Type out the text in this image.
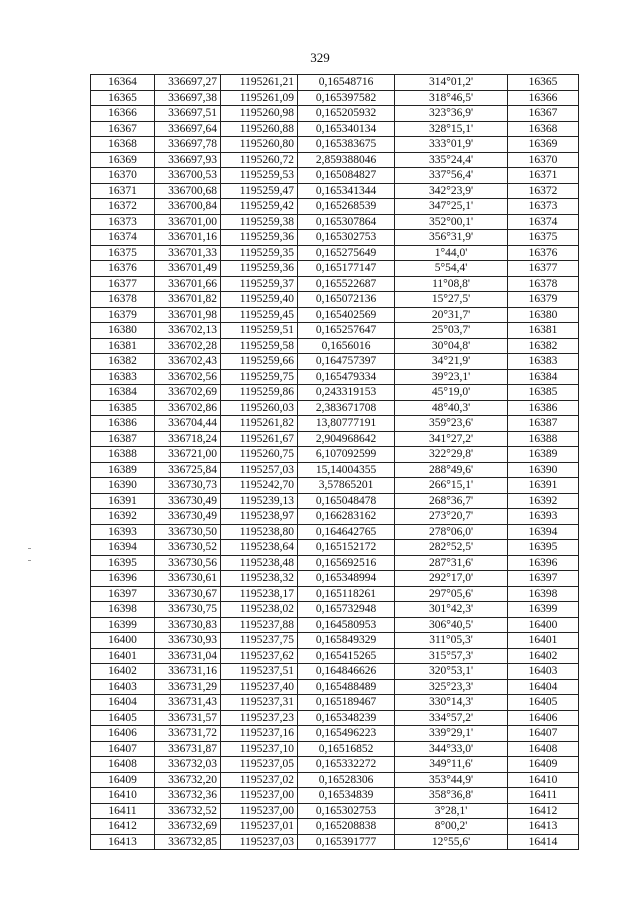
329
16364	336697,27	1195261,21	0,16548716	314°01,2'	16365
16365	336697,38	1195261,09	0,165397582	318°46,5'	16366
16366	336697,51	1195260,98	0,165205932	323°36,9'	16367
16367	336697,64	1195260,88	0,165340134	328°15,1'	16368
16368	336697,78	1195260,80	0,165383675	333°01,9'	16369
16369	336697,93	1195260,72	2,859388046	335°24,4'	16370
16370	336700,53	1195259,53	0,165084827	337°56,4'	16371
16371	336700,68	1195259,47	0,165341344	342°23,9'	16372
16372	336700,84	1195259,42	0,165268539	347°25,1'	16373
16373	336701,00	1195259,38	0,165307864	352°00,1'	16374
16374	336701,16	1195259,36	0,165302753	356°31,9'	16375
16375	336701,33	1195259,35	0,165275649	1°44,0'	16376
16376	336701,49	1195259,36	0,165177147	5°54,4'	16377
16377	336701,66	1195259,37	0,165522687	11°08,8'	16378
16378	336701,82	1195259,40	0,165072136	15°27,5'	16379
16379	336701,98	1195259,45	0,165402569	20°31,7'	16380
16380	336702,13	1195259,51	0,165257647	25°03,7'	16381
16381	336702,28	1195259,58	0,1656016	30°04,8'	16382
16382	336702,43	1195259,66	0,164757397	34°21,9'	16383
16383	336702,56	1195259,75	0,165479334	39°23,1'	16384
16384	336702,69	1195259,86	0,243319153	45°19,0'	16385
16385	336702,86	1195260,03	2,383671708	48°40,3'	16386
16386	336704,44	1195261,82	13,80777191	359°23,6'	16387
16387	336718,24	1195261,67	2,904968642	341°27,2'	16388
16388	336721,00	1195260,75	6,107092599	322°29,8'	16389
16389	336725,84	1195257,03	15,14004355	288°49,6'	16390
16390	336730,73	1195242,70	3,57865201	266°15,1'	16391
16391	336730,49	1195239,13	0,165048478	268°36,7'	16392
16392	336730,49	1195238,97	0,166283162	273°20,7'	16393
16393	336730,50	1195238,80	0,164642765	278°06,0'	16394
16394	336730,52	1195238,64	0,165152172	282°52,5'	16395
16395	336730,56	1195238,48	0,165692516	287°31,6'	16396
16396	336730,61	1195238,32	0,165348994	292°17,0'	16397
16397	336730,67	1195238,17	0,165118261	297°05,6'	16398
16398	336730,75	1195238,02	0,165732948	301°42,3'	16399
16399	336730,83	1195237,88	0,164580953	306°40,5'	16400
16400	336730,93	1195237,75	0,165849329	311°05,3'	16401
16401	336731,04	1195237,62	0,165415265	315°57,3'	16402
16402	336731,16	1195237,51	0,164846626	320°53,1'	16403
16403	336731,29	1195237,40	0,165488489	325°23,3'	16404
16404	336731,43	1195237,31	0,165189467	330°14,3'	16405
16405	336731,57	1195237,23	0,165348239	334°57,2'	16406
16406	336731,72	1195237,16	0,165496223	339°29,1'	16407
16407	336731,87	1195237,10	0,16516852	344°33,0'	16408
16408	336732,03	1195237,05	0,165332272	349°11,6'	16409
16409	336732,20	1195237,02	0,16528306	353°44,9'	16410
16410	336732,36	1195237,00	0,16534839	358°36,8'	16411
16411	336732,52	1195237,00	0,165302753	3°28,1'	16412
16412	336732,69	1195237,01	0,165208838	8°00,2'	16413
16413	336732,85	1195237,03	0,165391777	12°55,6'	16414
